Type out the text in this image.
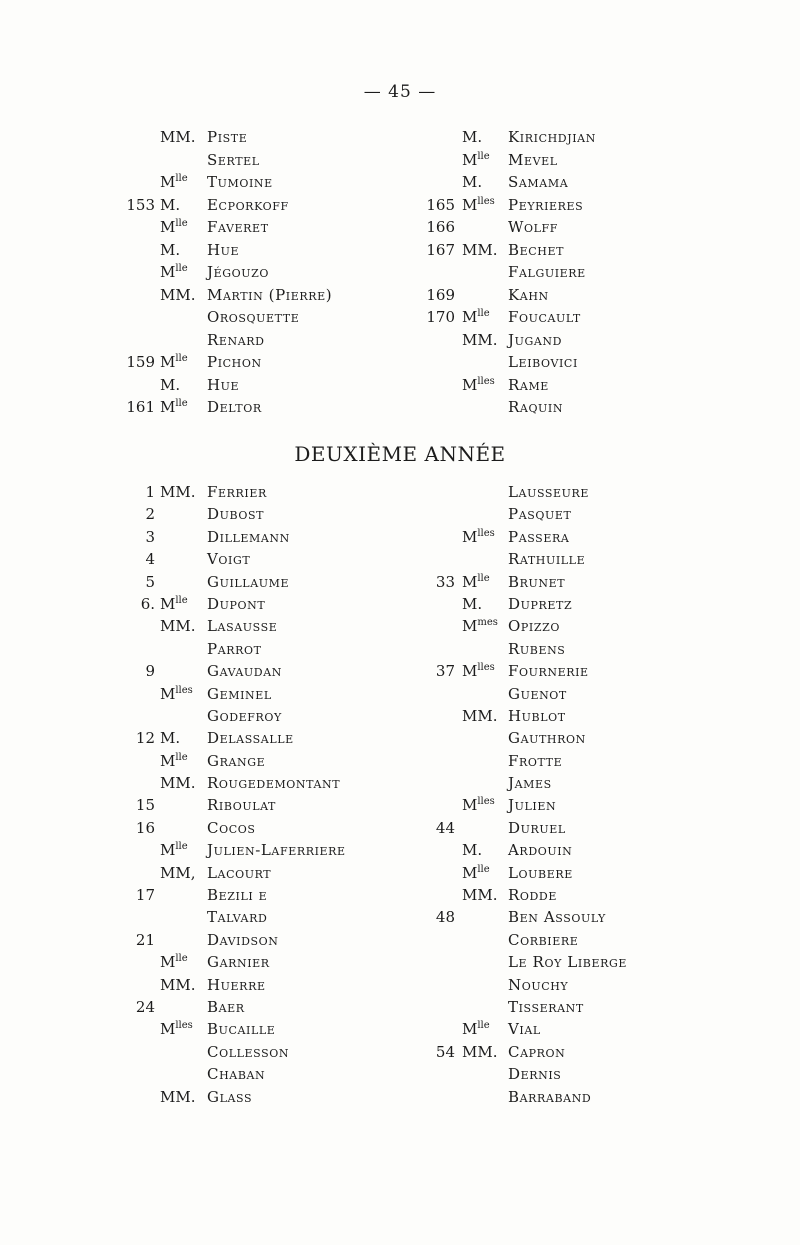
— 45 —
MM. Piste
Sertel
$M^{lle}$ Tumoine
153 M. Ecporkoff
$M^{lle}$ Faveret
M. Hue
$M^{lle}$ Jégouzo
MM. Martin (Pierre)
Orosquette
Renard
159 $M^{lle}$ Pichon
M. Hue
161 $M^{lle}$ Deltor
M. Kirichdjian
$M^{lle}$ Mevel
M. Samama
165 $M^{lles}$ Peyrieres
166	Wolff
167 MM. Bechet
Falguiere
169	Kahn
170 $M^{lle}$ Foucault
MM. Jugand
Leibovici
$M^{lles}$ Rame
Raquin
DEUXIÈME ANNÉE
1 MM. Ferrier
2	Dubost
3	Dillemann
4	Voigt
5	Guillaume
6. $M^{lle}$ Dupont
MM. Lasausse
Parrot
9	Gavaudan
$M^{lles}$ Geminel
Godefroy
12 M. Delassalle
$M^{lle}$ Grange
MM. Rougedemontant
15	Riboulat
16	Cocos
$M^{lle}$ Julien-Laferriere
MM, Lacourt
17	Bezili e
Talvard
21	Davidson
$M^{lle}$ Garnier
MM. Huerre
24	Baer
$M^{lles}$ Bucaille
Collesson
Chaban
MM. Glass
Lausseure
Pasquet
$M^{lles}$ Passera
Rathuille
33 $M^{lle}$ Brunet
M. Dupretz
$M^{mes}$ Opizzo
Rubens
37 $M^{lles}$ Fournerie
Guenot
MM. Hublot
Gauthron
Frotte
James
$M^{lles}$ Julien
44	Duruel
M. Ardouin
$M^{lle}$ Loubere
MM. Rodde
48	Ben Assouly
Corbiere
Le Roy Liberge
Nouchy
Tisserant
$M^{lle}$ Vial
54 MM. Capron
Dernis
Barraband
